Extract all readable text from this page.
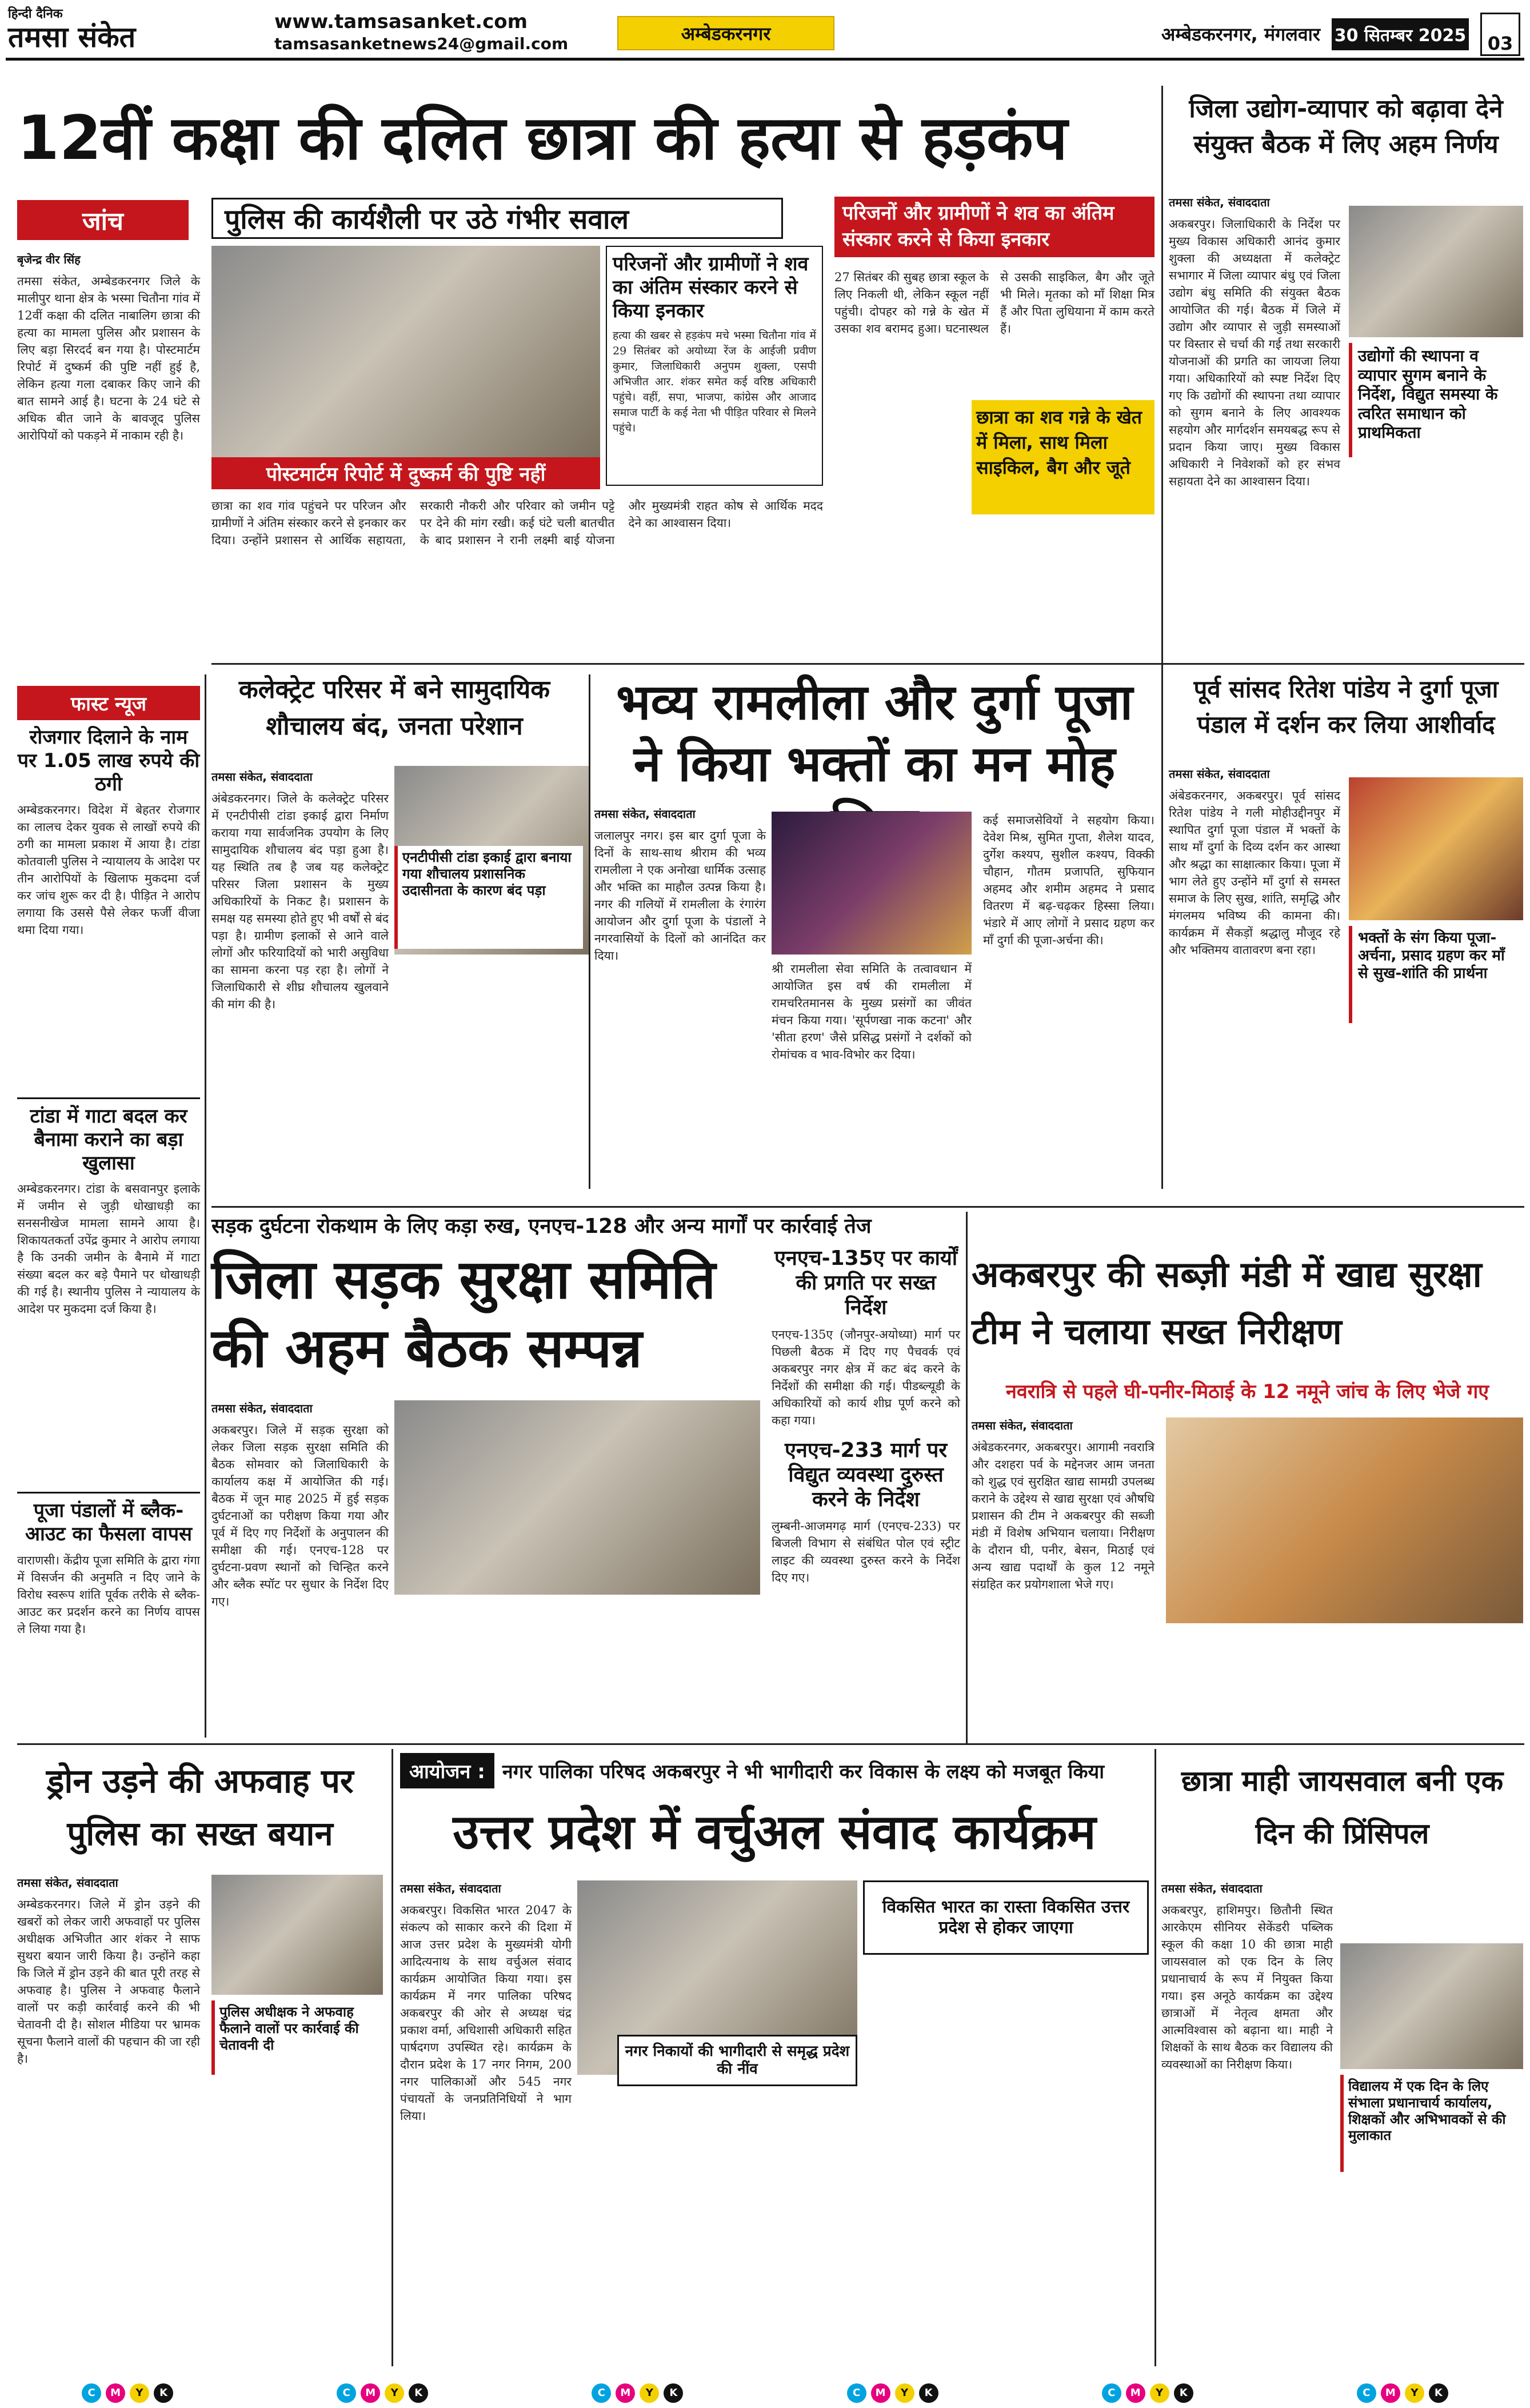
हिन्दी दैनिक
तमसा संकेत	www.tamsasanket.com
tamsasanketnews24@gmail.com	अम्बेडकरनगर	अम्बेडकरनगर, मंगलवार 30 सितम्बर 2025 03
12वीं कक्षा की दलित छात्रा की हत्या से हड़कंप
जांच	पुलिस की कार्यशैली पर उठे गंभीर सवाल	परिजनों और ग्रामीणों ने शव का अंतिम संस्कार करने से किया इनकार
बृजेन्द्र वीर सिंह
तमसा संकेत, अम्बेडकरनगर जिले के मालीपुर थाना क्षेत्र के भस्मा चितौना गांव में 12वीं कक्षा की दलित नाबालिग छात्रा की हत्या का मामला पुलिस और प्रशासन के लिए बड़ा सिरदर्द बन गया है। पोस्टमार्टम रिपोर्ट में दुष्कर्म की पुष्टि नहीं हुई है, लेकिन हत्या गला दबाकर किए जाने की बात सामने आई है। घटना के 24 घंटे से अधिक बीत जाने के बावजूद पुलिस आरोपियों को पकड़ने में नाकाम रही है।
परिजनों और ग्रामीणों ने शव का अंतिम संस्कार करने से किया इनकार
हत्या की खबर से हड़कंप मचे भस्मा चितौना गांव में 29 सितंबर को अयोध्या रेंज के आईजी प्रवीण कुमार, जिलाधिकारी अनुपम शुक्ला, एसपी अभिजीत आर. शंकर समेत कई वरिष्ठ अधिकारी पहुंचे। वहीं, सपा, भाजपा, कांग्रेस और आजाद समाज पार्टी के कई नेता भी पीड़ित परिवार से मिलने पहुंचे।
पोस्टमार्टम रिपोर्ट में दुष्कर्म की पुष्टि नहीं
छात्रा का शव गांव पहुंचने पर परिजन और ग्रामीणों ने अंतिम संस्कार करने से इनकार कर दिया। उन्होंने प्रशासन से आर्थिक सहायता, सरकारी नौकरी और परिवार को जमीन पट्टे पर देने की मांग रखी। कई घंटे चली बातचीत के बाद प्रशासन ने रानी लक्ष्मी बाई योजना और मुख्यमंत्री राहत कोष से आर्थिक मदद देने का आश्वासन दिया।
27 सितंबर की सुबह छात्रा स्कूल के लिए निकली थी, लेकिन स्कूल नहीं पहुंची। दोपहर को गन्ने के खेत में उसका शव बरामद हुआ। घटनास्थल से उसकी साइकिल, बैग और जूते भी मिले। मृतका को माँ शिक्षा मित्र हैं और पिता लुधियाना में काम करते हैं।
छात्रा का शव गन्ने के खेत में मिला, साथ मिला साइकिल, बैग और जूते
जिला उद्योग-व्यापार को बढ़ावा देने संयुक्त बैठक में लिए अहम निर्णय
तमसा संकेत, संवाददाता
अकबरपुर। जिलाधिकारी के निर्देश पर मुख्य विकास अधिकारी आनंद कुमार शुक्ला की अध्यक्षता में कलेक्ट्रेट सभागार में जिला व्यापार बंधु एवं जिला उद्योग बंधु समिति की संयुक्त बैठक आयोजित की गई। बैठक में जिले में उद्योग और व्यापार से जुड़ी समस्याओं पर विस्तार से चर्चा की गई तथा सरकारी योजनाओं की प्रगति का जायजा लिया गया। अधिकारियों को स्पष्ट निर्देश दिए गए कि उद्योगों की स्थापना तथा व्यापार को सुगम बनाने के लिए आवश्यक सहयोग और मार्गदर्शन समयबद्ध रूप से प्रदान किया जाए। मुख्य विकास अधिकारी ने निवेशकों को हर संभव सहायता देने का आश्वासन दिया।
उद्योगों की स्थापना व व्यापार सुगम बनाने के निर्देश, विद्युत समस्या के त्वरित समाधान को प्राथमिकता
फास्ट न्यूज
रोजगार दिलाने के नाम पर 1.05 लाख रुपये की ठगी
अम्बेडकरनगर। विदेश में बेहतर रोजगार का लालच देकर युवक से लाखों रुपये की ठगी का मामला प्रकाश में आया है। टांडा कोतवाली पुलिस ने न्यायालय के आदेश पर तीन आरोपियों के खिलाफ मुकदमा दर्ज कर जांच शुरू कर दी है। पीड़ित ने आरोप लगाया कि उससे पैसे लेकर फर्जी वीजा थमा दिया गया।
टांडा में गाटा बदल कर बैनामा कराने का बड़ा खुलासा
अम्बेडकरनगर। टांडा के बसवानपुर इलाके में जमीन से जुड़ी धोखाधड़ी का सनसनीखेज मामला सामने आया है। शिकायतकर्ता उपेंद्र कुमार ने आरोप लगाया है कि उनकी जमीन के बैनामे में गाटा संख्या बदल कर बड़े पैमाने पर धोखाधड़ी की गई है। स्थानीय पुलिस ने न्यायालय के आदेश पर मुकदमा दर्ज किया है।
पूजा पंडालों में ब्लैक-आउट का फैसला वापस
वाराणसी। केंद्रीय पूजा समिति के द्वारा गंगा में विसर्जन की अनुमति न दिए जाने के विरोध स्वरूप शांति पूर्वक तरीके से ब्लैक-आउट कर प्रदर्शन करने का निर्णय वापस ले लिया गया है।
कलेक्ट्रेट परिसर में बने सामुदायिक शौचालय बंद, जनता परेशान
एनटीपीसी टांडा इकाई द्वारा बनाया गया शौचालय प्रशासनिक उदासीनता के कारण बंद पड़ा
तमसा संकेत, संवाददाता
अंबेडकरनगर। जिले के कलेक्ट्रेट परिसर में एनटीपीसी टांडा इकाई द्वारा निर्माण कराया गया सार्वजनिक उपयोग के लिए सामुदायिक शौचालय बंद पड़ा हुआ है। यह स्थिति तब है जब यह कलेक्ट्रेट परिसर जिला प्रशासन के मुख्य अधिकारियों के निकट है। प्रशासन के समक्ष यह समस्या होते हुए भी वर्षों से बंद पड़ा है। ग्रामीण इलाकों से आने वाले लोगों और फरियादियों को भारी असुविधा का सामना करना पड़ रहा है। लोगों ने जिलाधिकारी से शीघ्र शौचालय खुलवाने की मांग की है।
भव्य रामलीला और दुर्गा पूजा ने किया भक्तों का मन मोह
तमसा संकेत, संवाददाता
जलालपुर नगर। इस बार दुर्गा पूजा के दिनों के साथ-साथ श्रीराम की भव्य रामलीला ने एक अनोखा धार्मिक उत्साह और भक्ति का माहौल उत्पन्न किया है। नगर की गलियों में रामलीला के रंगारंग आयोजन और दुर्गा पूजा के पंडालों ने नगरवासियों के दिलों को आनंदित कर दिया।
श्री रामलीला सेवा समिति के तत्वावधान में आयोजित इस वर्ष की रामलीला में रामचरितमानस के मुख्य प्रसंगों का जीवंत मंचन किया गया। 'सूर्पणखा नाक कटना' और 'सीता हरण' जैसे प्रसिद्ध प्रसंगों ने दर्शकों को रोमांचक व भाव-विभोर कर दिया।
कई समाजसेवियों ने सहयोग किया। देवेश मिश्र, सुमित गुप्ता, शैलेश यादव, दुर्गेश कश्यप, सुशील कश्यप, विक्की चौहान, गौतम प्रजापति, सुफियान अहमद और शमीम अहमद ने प्रसाद वितरण में बढ़-चढ़कर हिस्सा लिया। भंडारे में आए लोगों ने प्रसाद ग्रहण कर माँ दुर्गा की पूजा-अर्चना की।
पूर्व सांसद रितेश पांडेय ने दुर्गा पूजा पंडाल में दर्शन कर लिया आशीर्वाद
तमसा संकेत, संवाददाता
अंबेडकरनगर, अकबरपुर। पूर्व सांसद रितेश पांडेय ने गली मोहीउद्दीनपुर में स्थापित दुर्गा पूजा पंडाल में भक्तों के साथ माँ दुर्गा के दिव्य दर्शन कर आस्था और श्रद्धा का साक्षात्कार किया। पूजा में भाग लेते हुए उन्होंने माँ दुर्गा से समस्त समाज के लिए सुख, शांति, समृद्धि और मंगलमय भविष्य की कामना की। कार्यक्रम में सैकड़ों श्रद्धालु मौजूद रहे और भक्तिमय वातावरण बना रहा।
भक्तों के संग किया पूजा-अर्चना, प्रसाद ग्रहण कर माँ से सुख-शांति की प्रार्थना
सड़क दुर्घटना रोकथाम के लिए कड़ा रुख, एनएच-128 और अन्य मार्गों पर कार्रवाई तेज
जिला सड़क सुरक्षा समिति की अहम बैठक सम्पन्न
तमसा संकेत, संवाददाता
अकबरपुर। जिले में सड़क सुरक्षा को लेकर जिला सड़क सुरक्षा समिति की बैठक सोमवार को जिलाधिकारी के कार्यालय कक्ष में आयोजित की गई। बैठक में जून माह 2025 में हुई सड़क दुर्घटनाओं का परीक्षण किया गया और पूर्व में दिए गए निर्देशों के अनुपालन की समीक्षा की गई। एनएच-128 पर दुर्घटना-प्रवण स्थानों को चिन्हित करने और ब्लैक स्पॉट पर सुधार के निर्देश दिए गए।
एनएच-135ए पर कार्यों की प्रगति पर सख्त निर्देश
एनएच-135ए (जौनपुर-अयोध्या) मार्ग पर पिछली बैठक में दिए गए पैचवर्क एवं अकबरपुर नगर क्षेत्र में कट बंद करने के निर्देशों की समीक्षा की गई। पीडब्ल्यूडी के अधिकारियों को कार्य शीघ्र पूर्ण करने को कहा गया।
एनएच-233 मार्ग पर विद्युत व्यवस्था दुरुस्त करने के निर्देश
लुम्बनी-आजमगढ़ मार्ग (एनएच-233) पर बिजली विभाग से संबंधित पोल एवं स्ट्रीट लाइट की व्यवस्था दुरुस्त करने के निर्देश दिए गए।
अकबरपुर की सब्ज़ी मंडी में खाद्य सुरक्षा टीम ने चलाया सख्त निरीक्षण
नवरात्रि से पहले घी-पनीर-मिठाई के 12 नमूने जांच के लिए भेजे गए
तमसा संकेत, संवाददाता
अंबेडकरनगर, अकबरपुर। आगामी नवरात्रि और दशहरा पर्व के मद्देनजर आम जनता को शुद्ध एवं सुरक्षित खाद्य सामग्री उपलब्ध कराने के उद्देश्य से खाद्य सुरक्षा एवं औषधि प्रशासन की टीम ने अकबरपुर की सब्जी मंडी में विशेष अभियान चलाया। निरीक्षण के दौरान घी, पनीर, बेसन, मिठाई एवं अन्य खाद्य पदार्थों के कुल 12 नमूने संग्रहित कर प्रयोगशाला भेजे गए।
ड्रोन उड़ने की अफवाह पर पुलिस का सख्त बयान
तमसा संकेत, संवाददाता
अम्बेडकरनगर। जिले में ड्रोन उड़ने की खबरों को लेकर जारी अफवाहों पर पुलिस अधीक्षक अभिजीत आर शंकर ने साफ सुथरा बयान जारी किया है। उन्होंने कहा कि जिले में ड्रोन उड़ने की बात पूरी तरह से अफवाह है। पुलिस ने अफवाह फैलाने वालों पर कड़ी कार्रवाई करने की भी चेतावनी दी है। सोशल मीडिया पर भ्रामक सूचना फैलाने वालों की पहचान की जा रही है।
पुलिस अधीक्षक ने अफवाह फैलाने वालों पर कार्रवाई की चेतावनी दी
आयोजन : नगर पालिका परिषद अकबरपुर ने भी भागीदारी कर विकास के लक्ष्य को मजबूत किया
उत्तर प्रदेश में वर्चुअल संवाद कार्यक्रम
तमसा संकेत, संवाददाता
अकबरपुर। विकसित भारत 2047 के संकल्प को साकार करने की दिशा में आज उत्तर प्रदेश के मुख्यमंत्री योगी आदित्यनाथ के साथ वर्चुअल संवाद कार्यक्रम आयोजित किया गया। इस कार्यक्रम में नगर पालिका परिषद अकबरपुर की ओर से अध्यक्ष चंद्र प्रकाश वर्मा, अधिशासी अधिकारी सहित पार्षदगण उपस्थित रहे। कार्यक्रम के दौरान प्रदेश के 17 नगर निगम, 200 नगर पालिकाओं और 545 नगर पंचायतों के जनप्रतिनिधियों ने भाग लिया।
नगर निकायों की भागीदारी से समृद्ध प्रदेश की नींव
विकसित भारत का रास्ता विकसित उत्तर प्रदेश से होकर जाएगा
छात्रा माही जायसवाल बनी एक दिन की प्रिंसिपल
तमसा संकेत, संवाददाता
अकबरपुर, हाशिमपुर। छितौनी स्थित आरकेएम सीनियर सेकेंडरी पब्लिक स्कूल की कक्षा 10 की छात्रा माही जायसवाल को एक दिन के लिए प्रधानाचार्य के रूप में नियुक्त किया गया। इस अनूठे कार्यक्रम का उद्देश्य छात्राओं में नेतृत्व क्षमता और आत्मविश्वास को बढ़ाना था। माही ने शिक्षकों के साथ बैठक कर विद्यालय की व्यवस्थाओं का निरीक्षण किया।
विद्यालय में एक दिन के लिए संभाला प्रधानाचार्य कार्यालय, शिक्षकों और अभिभावकों से की मुलाकात
C	M	Y	K	C	M	Y	K	C	M	Y	K	C	M	Y	K	C	M	Y	K	C	M	Y	K
